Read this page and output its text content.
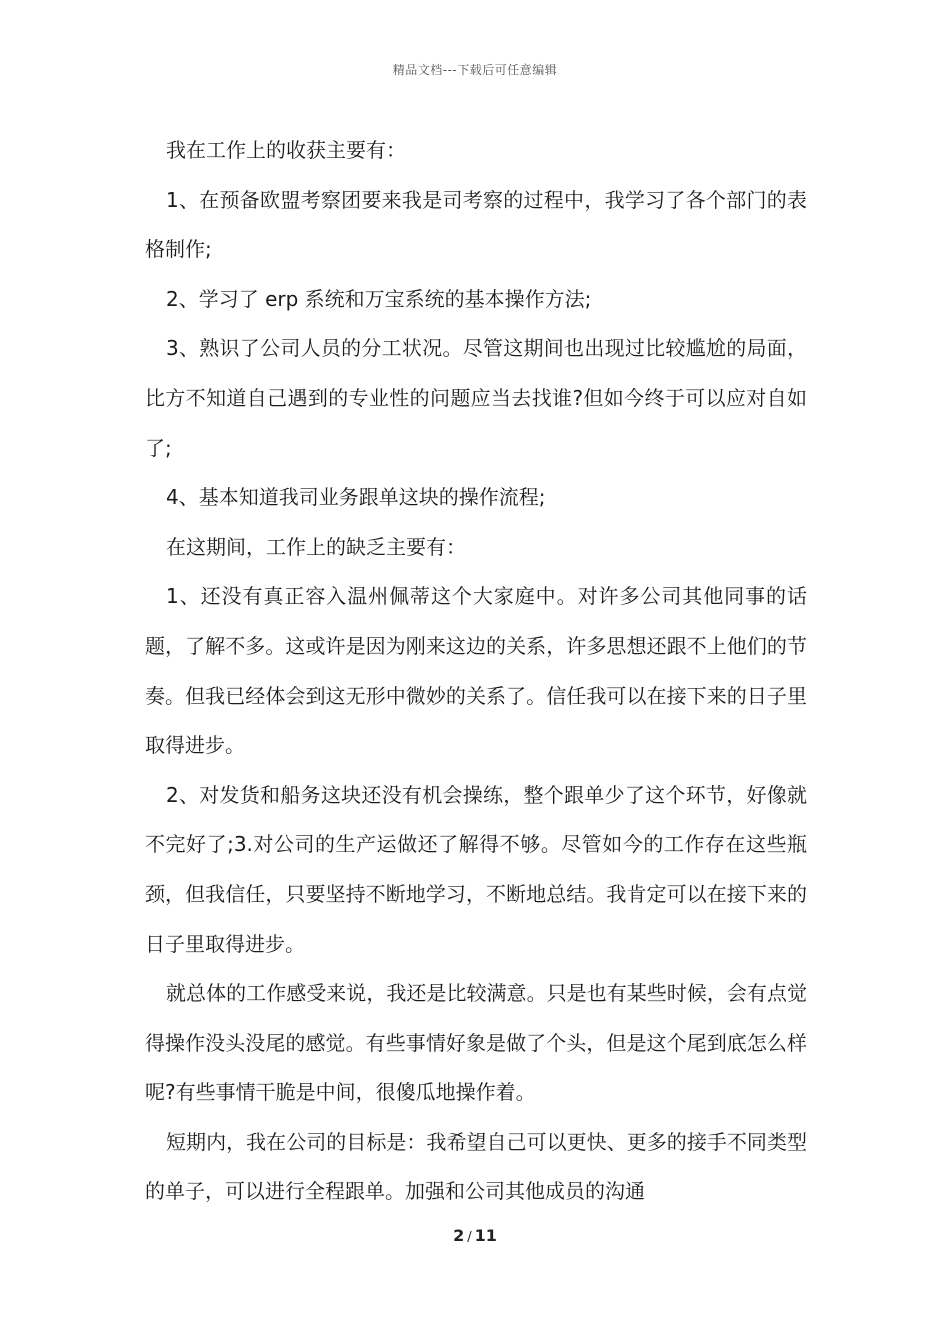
精品文档---下载后可任意编辑

我在工作上的收获主要有：

1、在预备欧盟考察团要来我是司考察的过程中，我学习了各个部门的表格制作;

2、学习了 erp 系统和万宝系统的基本操作方法;

3、熟识了公司人员的分工状况。尽管这期间也出现过比较尴尬的局面，比方不知道自己遇到的专业性的问题应当去找谁?但如今终于可以应对自如了;

4、基本知道我司业务跟单这块的操作流程;

在这期间，工作上的缺乏主要有：

1、还没有真正容入温州佩蒂这个大家庭中。对许多公司其他同事的话题，了解不多。这或许是因为刚来这边的关系，许多思想还跟不上他们的节奏。但我已经体会到这无形中微妙的关系了。信任我可以在接下来的日子里取得进步。

2、对发货和船务这块还没有机会操练，整个跟单少了这个环节，好像就不完好了;3.对公司的生产运做还了解得不够。尽管如今的工作存在这些瓶颈，但我信任，只要坚持不断地学习，不断地总结。我肯定可以在接下来的日子里取得进步。

就总体的工作感受来说，我还是比较满意。只是也有某些时候，会有点觉得操作没头没尾的感觉。有些事情好象是做了个头，但是这个尾到底怎么样呢?有些事情干脆是中间，很傻瓜地操作着。

短期内，我在公司的目标是：我希望自己可以更快、更多的接手不同类型的单子，可以进行全程跟单。加强和公司其他成员的沟通

2 / 11
